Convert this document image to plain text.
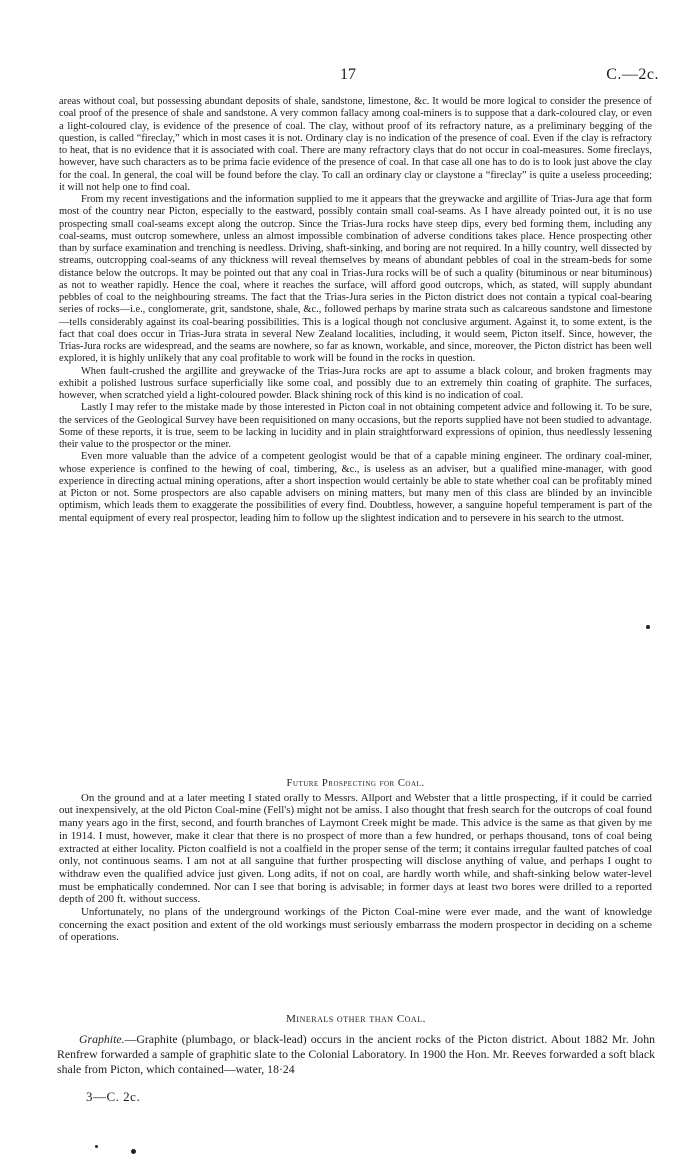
17	C.—2c.

areas without coal, but possessing abundant deposits of shale, sandstone, limestone, &c. It would be more logical to consider the presence of coal proof of the presence of shale and sandstone. A very common fallacy among coal-miners is to suppose that a dark-coloured clay, or even a light-coloured clay, is evidence of the presence of coal. The clay, without proof of its refractory nature, as a preliminary begging of the question, is called “fireclay,” which in most cases it is not. Ordinary clay is no indication of the presence of coal. Even if the clay is refractory to heat, that is no evidence that it is associated with coal. There are many refractory clays that do not occur in coal-measures. Some fireclays, however, have such characters as to be prima facie evidence of the presence of coal. In that case all one has to do is to look just above the clay for the coal. In general, the coal will be found before the clay. To call an ordinary clay or claystone a “fireclay” is quite a useless proceeding; it will not help one to find coal.

From my recent investigations and the information supplied to me it appears that the greywacke and argillite of Trias-Jura age that form most of the country near Picton, especially to the eastward, possibly contain small coal-seams. As I have already pointed out, it is no use prospecting small coal-seams except along the outcrop. Since the Trias-Jura rocks have steep dips, every bed forming them, including any coal-seams, must outcrop somewhere, unless an almost impossible combination of adverse conditions takes place. Hence prospecting other than by surface examination and trenching is needless. Driving, shaft-sinking, and boring are not required. In a hilly country, well dissected by streams, outcropping coal-seams of any thickness will reveal themselves by means of abundant pebbles of coal in the stream-beds for some distance below the outcrops. It may be pointed out that any coal in Trias-Jura rocks will be of such a quality (bituminous or near bituminous) as not to weather rapidly. Hence the coal, where it reaches the surface, will afford good outcrops, which, as stated, will supply abundant pebbles of coal to the neighbouring streams. The fact that the Trias-Jura series in the Picton district does not contain a typical coal-bearing series of rocks—i.e., conglomerate, grit, sandstone, shale, &c., followed perhaps by marine strata such as calcareous sandstone and limestone—tells considerably against its coal-bearing possibilities. This is a logical though not conclusive argument. Against it, to some extent, is the fact that coal does occur in Trias-Jura strata in several New Zealand localities, including, it would seem, Picton itself. Since, however, the Trias-Jura rocks are widespread, and the seams are nowhere, so far as known, workable, and since, moreover, the Picton district has been well explored, it is highly unlikely that any coal profitable to work will be found in the rocks in question.

When fault-crushed the argillite and greywacke of the Trias-Jura rocks are apt to assume a black colour, and broken fragments may exhibit a polished lustrous surface superficially like some coal, and possibly due to an extremely thin coating of graphite. The surfaces, however, when scratched yield a light-coloured powder. Black shining rock of this kind is no indication of coal.

Lastly I may refer to the mistake made by those interested in Picton coal in not obtaining competent advice and following it. To be sure, the services of the Geological Survey have been requisitioned on many occasions, but the reports supplied have not been studied to advantage. Some of these reports, it is true, seem to be lacking in lucidity and in plain straightforward expressions of opinion, thus needlessly lessening their value to the prospector or the miner.

Even more valuable than the advice of a competent geologist would be that of a capable mining engineer. The ordinary coal-miner, whose experience is confined to the hewing of coal, timbering, &c., is useless as an adviser, but a qualified mine-manager, with good experience in directing actual mining operations, after a short inspection would certainly be able to state whether coal can be profitably mined at Picton or not. Some prospectors are also capable advisers on mining matters, but many men of this class are blinded by an invincible optimism, which leads them to exaggerate the possibilities of every find. Doubtless, however, a sanguine hopeful temperament is part of the mental equipment of every real prospector, leading him to follow up the slightest indication and to persevere in his search to the utmost.

Future Prospecting for Coal.

On the ground and at a later meeting I stated orally to Messrs. Allport and Webster that a little prospecting, if it could be carried out inexpensively, at the old Picton Coal-mine (Fell's) might not be amiss. I also thought that fresh search for the outcrops of coal found many years ago in the first, second, and fourth branches of Laymont Creek might be made. This advice is the same as that given by me in 1914. I must, however, make it clear that there is no prospect of more than a few hundred, or perhaps thousand, tons of coal being extracted at either locality. Picton coalfield is not a coalfield in the proper sense of the term; it contains irregular faulted patches of coal only, not continuous seams. I am not at all sanguine that further prospecting will disclose anything of value, and perhaps I ought to withdraw even the qualified advice just given. Long adits, if not on coal, are hardly worth while, and shaft-sinking below water-level must be emphatically condemned. Nor can I see that boring is advisable; in former days at least two bores were drilled to a reported depth of 200 ft. without success.

Unfortunately, no plans of the underground workings of the Picton Coal-mine were ever made, and the want of knowledge concerning the exact position and extent of the old workings must seriously embarrass the modern prospector in deciding on a scheme of operations.

Minerals other than Coal.

Graphite.—Graphite (plumbago, or black-lead) occurs in the ancient rocks of the Picton district. About 1882 Mr. John Renfrew forwarded a sample of graphitic slate to the Colonial Laboratory. In 1900 the Hon. Mr. Reeves forwarded a soft black shale from Picton, which contained—water, 18·24

3—C. 2c.
